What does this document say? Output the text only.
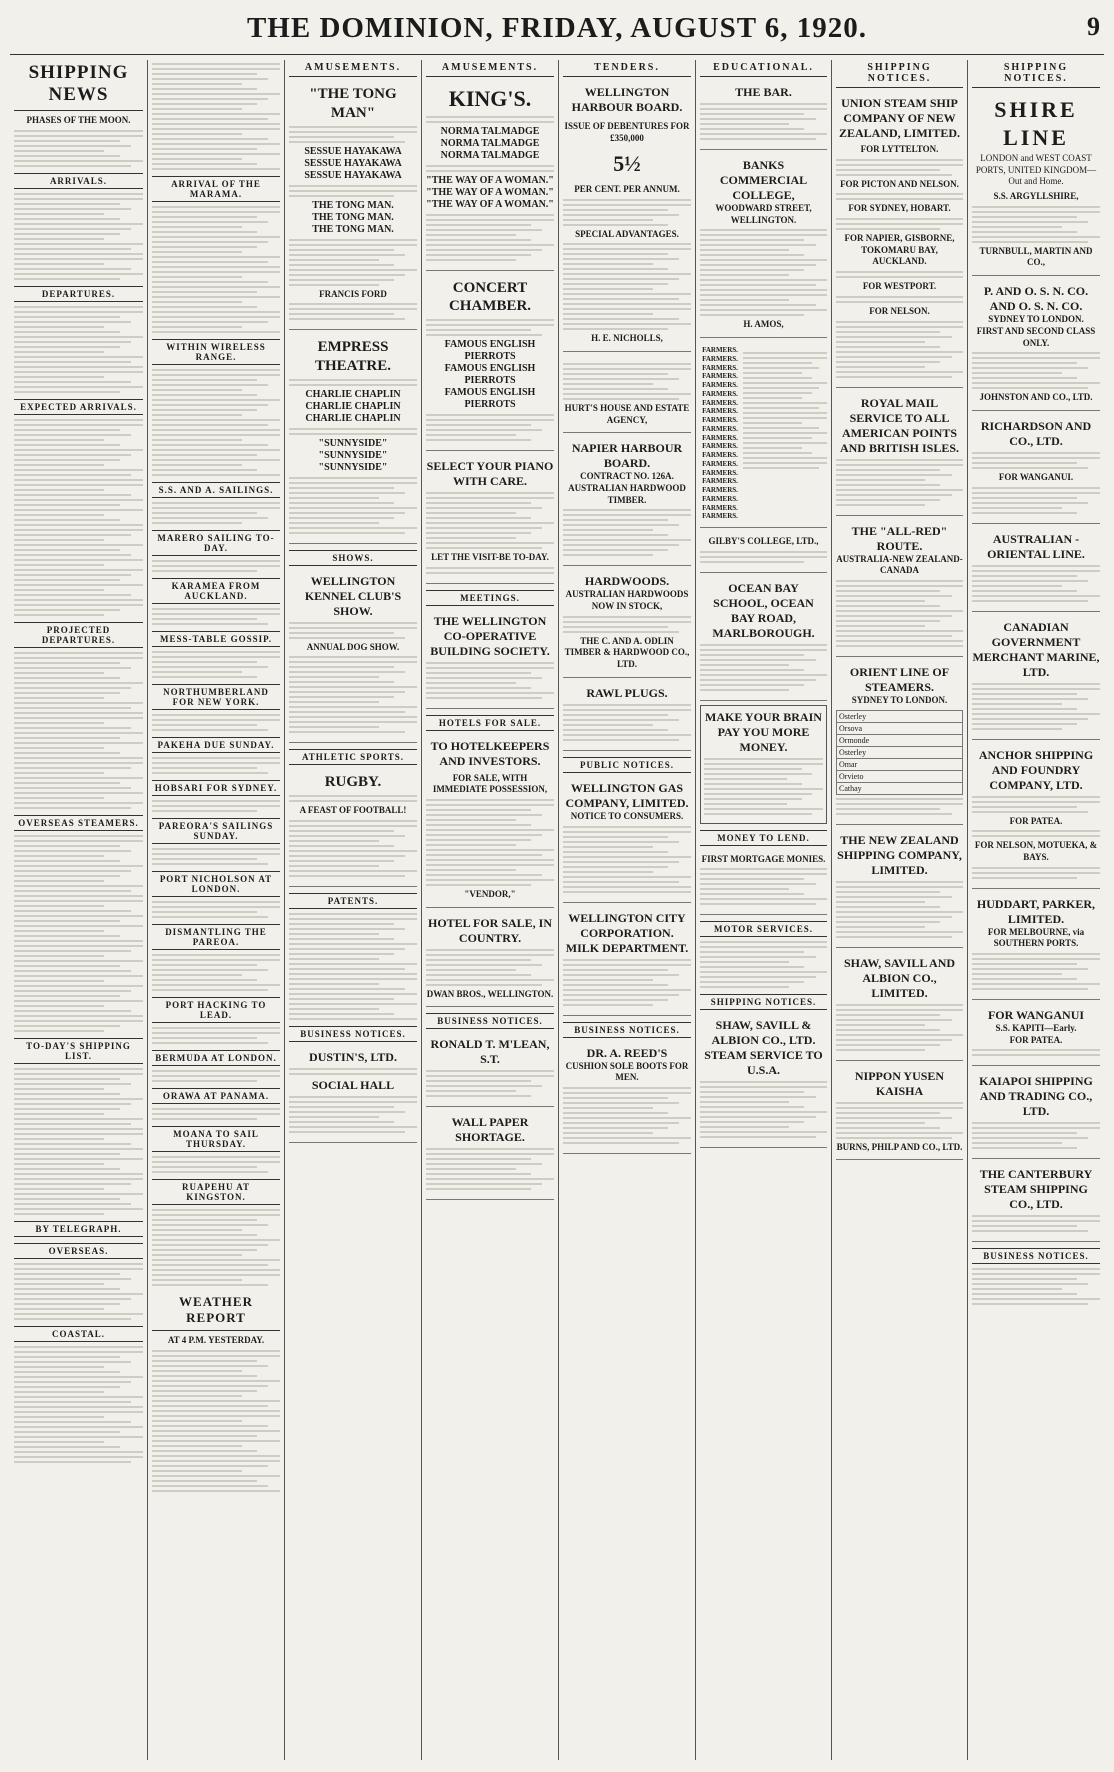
THE DOMINION, FRIDAY, AUGUST 6, 1920.	9
SHIPPING NEWS
PHASES OF THE MOON.
ARRIVALS.
DEPARTURES.
EXPECTED ARRIVALS.
PROJECTED DEPARTURES.
OVERSEAS STEAMERS.
TO-DAY'S SHIPPING LIST.
BY TELEGRAPH.
OVERSEAS.
COASTAL.
ARRIVAL OF THE MARAMA.
WITHIN WIRELESS RANGE.
S.S. AND A. SAILINGS.
MARERO SAILING TO-DAY.
KARAMEA FROM AUCKLAND.
MESS-TABLE GOSSIP.
NORTHUMBERLAND FOR NEW YORK.
PAKEHA DUE SUNDAY.
HOBSARI FOR SYDNEY.
PAREORA'S SAILINGS SUNDAY.
PORT NICHOLSON AT LONDON.
DISMANTLING THE PAREOA.
PORT HACKING TO LEAD.
BERMUDA AT LONDON.
ORAWA AT PANAMA.
MOANA TO SAIL THURSDAY.
RUAPEHU AT KINGSTON.
WEATHER REPORT
AT 4 P.M. YESTERDAY.
AMUSEMENTS.
"THE TONG MAN"
SESSUE HAYAKAWA
SESSUE HAYAKAWA
SESSUE HAYAKAWA
THE TONG MAN.
THE TONG MAN.
THE TONG MAN.
FRANCIS FORD
EMPRESS THEATRE.
CHARLIE CHAPLIN
CHARLIE CHAPLIN
CHARLIE CHAPLIN
"SUNNYSIDE"
"SUNNYSIDE"
"SUNNYSIDE"
SHOWS.
WELLINGTON KENNEL CLUB'S SHOW.
ANNUAL DOG SHOW.
ATHLETIC SPORTS.
RUGBY.
A FEAST OF FOOTBALL!
PATENTS.
BUSINESS NOTICES.
DUSTIN'S, LTD.
SOCIAL HALL
AMUSEMENTS.
KING'S.
NORMA TALMADGE
NORMA TALMADGE
NORMA TALMADGE
"THE WAY OF A WOMAN."
"THE WAY OF A WOMAN."
"THE WAY OF A WOMAN."
CONCERT CHAMBER.
FAMOUS ENGLISH PIERROTS
FAMOUS ENGLISH PIERROTS
FAMOUS ENGLISH PIERROTS
SELECT YOUR PIANO WITH CARE.
LET THE VISIT-BE TO-DAY.
MEETINGS.
THE WELLINGTON CO-OPERATIVE BUILDING SOCIETY.
HOTELS FOR SALE.
TO HOTELKEEPERS AND INVESTORS.
FOR SALE, WITH IMMEDIATE POSSESSION,
"VENDOR,"
HOTEL FOR SALE, IN COUNTRY.
DWAN BROS., WELLINGTON.
BUSINESS NOTICES.
RONALD T. M'LEAN, S.T.
WALL PAPER SHORTAGE.
TENDERS.
WELLINGTON HARBOUR BOARD.
ISSUE OF DEBENTURES FOR £350,000
5½
PER CENT. PER ANNUM.
SPECIAL ADVANTAGES.
H. E. NICHOLLS,
HURT'S HOUSE AND ESTATE AGENCY,
NAPIER HARBOUR BOARD.
CONTRACT NO. 126A.
AUSTRALIAN HARDWOOD TIMBER.
HARDWOODS.
AUSTRALIAN HARDWOODS NOW IN STOCK,
THE C. AND A. ODLIN TIMBER & HARDWOOD CO., LTD.
RAWL PLUGS.
PUBLIC NOTICES.
WELLINGTON GAS COMPANY, LIMITED.
NOTICE TO CONSUMERS.
WELLINGTON CITY CORPORATION. MILK DEPARTMENT.
BUSINESS NOTICES.
DR. A. REED'S
CUSHION SOLE BOOTS FOR MEN.
EDUCATIONAL.
THE BAR.
BANKS COMMERCIAL COLLEGE,
WOODWARD STREET, WELLINGTON.
H. AMOS,
FARMERS.
FARMERS.
FARMERS.
FARMERS.
FARMERS.
FARMERS.
FARMERS.
FARMERS.
FARMERS.
FARMERS.
FARMERS.
FARMERS.
FARMERS.
FARMERS.
FARMERS.
FARMERS.
FARMERS.
FARMERS.
FARMERS.
FARMERS.
GILBY'S COLLEGE, LTD.,
OCEAN BAY SCHOOL, OCEAN BAY ROAD, MARLBOROUGH.
MAKE YOUR BRAIN PAY YOU MORE MONEY.
MONEY TO LEND.
FIRST MORTGAGE MONIES.
MOTOR SERVICES.
SHIPPING NOTICES.
SHAW, SAVILL & ALBION CO., LTD. STEAM SERVICE TO U.S.A.
SHIPPING NOTICES.
UNION STEAM SHIP COMPANY OF NEW ZEALAND, LIMITED.
FOR LYTTELTON.
FOR PICTON AND NELSON.
FOR SYDNEY, HOBART.
FOR NAPIER, GISBORNE, TOKOMARU BAY, AUCKLAND.
FOR WESTPORT.
FOR NELSON.
ROYAL MAIL SERVICE TO ALL AMERICAN POINTS AND BRITISH ISLES.
THE "ALL-RED" ROUTE.
AUSTRALIA-NEW ZEALAND-CANADA
ORIENT LINE OF STEAMERS.
SYDNEY TO LONDON.
Osterley
Orsova
Ormonde
Osterley
Omar
Orvieto
Cathay
THE NEW ZEALAND SHIPPING COMPANY, LIMITED.
SHAW, SAVILL AND ALBION CO., LIMITED.
NIPPON YUSEN KAISHA
BURNS, PHILP AND CO., LTD.
SHIPPING NOTICES.
SHIRE LINE
LONDON and WEST COAST PORTS, UNITED KINGDOM—Out and Home.
S.S. ARGYLLSHIRE,
TURNBULL, MARTIN AND CO.,
P. AND O. S. N. CO. AND O. S. N. CO.
SYDNEY TO LONDON.
FIRST AND SECOND CLASS ONLY.
JOHNSTON AND CO., LTD.
RICHARDSON AND CO., LTD.
FOR WANGANUI.
AUSTRALIAN - ORIENTAL LINE.
CANADIAN GOVERNMENT MERCHANT MARINE, LTD.
ANCHOR SHIPPING AND FOUNDRY COMPANY, LTD.
FOR PATEA.
FOR NELSON, MOTUEKA, & BAYS.
HUDDART, PARKER, LIMITED.
FOR MELBOURNE, via SOUTHERN PORTS.
FOR WANGANUI
S.S. KAPITI—Early.
FOR PATEA.
KAIAPOI SHIPPING AND TRADING CO., LTD.
THE CANTERBURY STEAM SHIPPING CO., LTD.
BUSINESS NOTICES.
